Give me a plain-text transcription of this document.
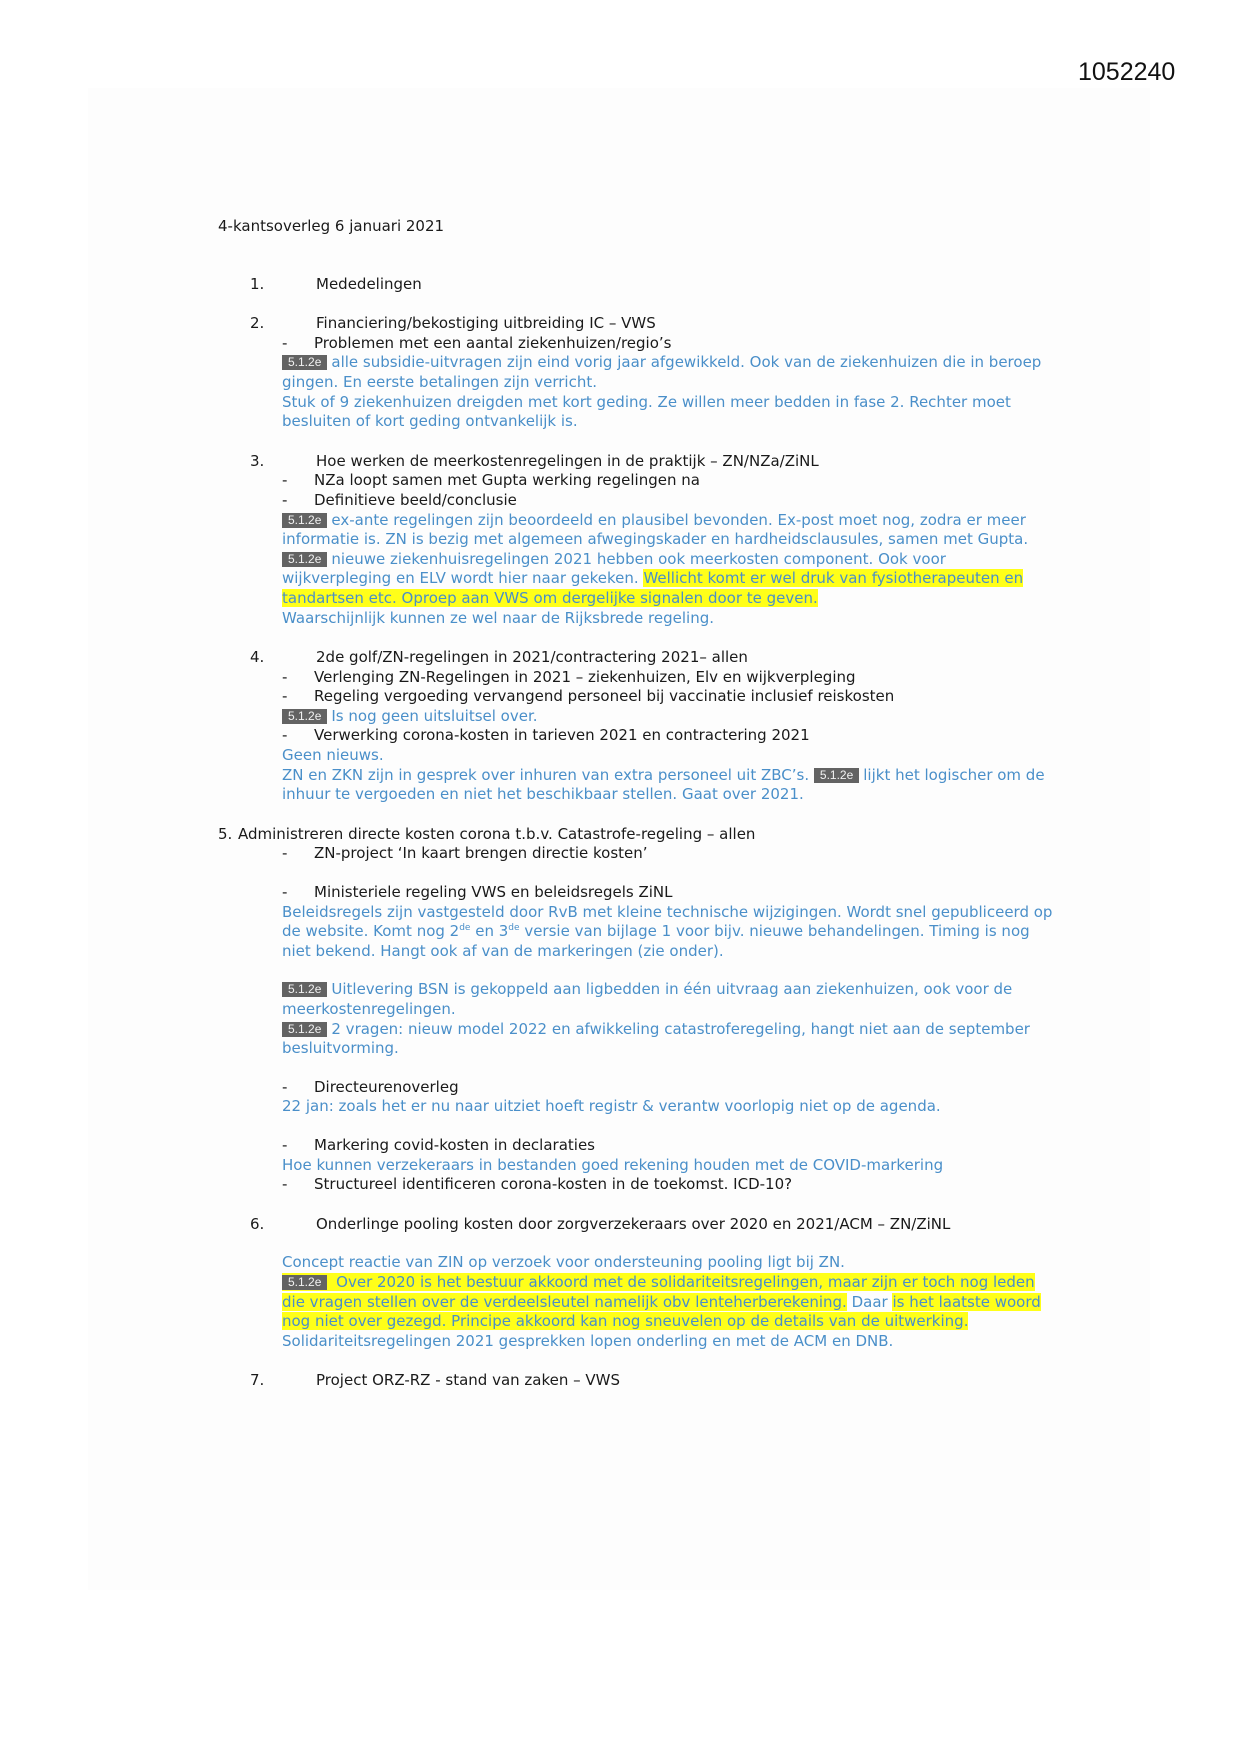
1052240
4-kantsoverleg 6 januari 2021
1.	Mededelingen
2.	Financiering/bekostiging uitbreiding IC – VWS
- Problemen met een aantal ziekenhuizen/regio’s
5.1.2e alle subsidie-uitvragen zijn eind vorig jaar afgewikkeld. Ook van de ziekenhuizen die in beroep gingen. En eerste betalingen zijn verricht.
Stuk of 9 ziekenhuizen dreigden met kort geding. Ze willen meer bedden in fase 2. Rechter moet besluiten of kort geding ontvankelijk is.
3.	Hoe werken de meerkostenregelingen in de praktijk – ZN/NZa/ZiNL
- NZa loopt samen met Gupta werking regelingen na
- Definitieve beeld/conclusie
5.1.2e ex-ante regelingen zijn beoordeeld en plausibel bevonden. Ex-post moet nog, zodra er meer informatie is. ZN is bezig met algemeen afwegingskader en hardheidsclausules, samen met Gupta.
5.1.2e nieuwe ziekenhuisregelingen 2021 hebben ook meerkosten component. Ook voor wijkverpleging en ELV wordt hier naar gekeken. Wellicht komt er wel druk van fysiotherapeuten en tandartsen etc. Oproep aan VWS om dergelijke signalen door te geven.
Waarschijnlijk kunnen ze wel naar de Rijksbrede regeling.
4.	2de golf/ZN-regelingen in 2021/contractering 2021– allen
- Verlenging ZN-Regelingen in 2021 – ziekenhuizen, Elv en wijkverpleging
- Regeling vergoeding vervangend personeel bij vaccinatie inclusief reiskosten
5.1.2e Is nog geen uitsluitsel over.
- Verwerking corona-kosten in tarieven 2021 en contractering 2021
Geen nieuws.
ZN en ZKN zijn in gesprek over inhuren van extra personeel uit ZBC’s. 5.1.2e lijkt het logischer om de inhuur te vergoeden en niet het beschikbaar stellen. Gaat over 2021.
5. Administreren directe kosten corona t.b.v. Catastrofe-regeling – allen
- ZN-project ‘In kaart brengen directie kosten’
- Ministeriele regeling VWS en beleidsregels ZiNL
Beleidsregels zijn vastgesteld door RvB met kleine technische wijzigingen. Wordt snel gepubliceerd op de website. Komt nog 2de en 3de versie van bijlage 1 voor bijv. nieuwe behandelingen. Timing is nog niet bekend. Hangt ook af van de markeringen (zie onder).
5.1.2e Uitlevering BSN is gekoppeld aan ligbedden in één uitvraag aan ziekenhuizen, ook voor de meerkostenregelingen.
5.1.2e 2 vragen: nieuw model 2022 en afwikkeling catastroferegeling, hangt niet aan de september besluitvorming.
- Directeurenoverleg
22 jan: zoals het er nu naar uitziet hoeft registr & verantw voorlopig niet op de agenda.
- Markering covid-kosten in declaraties
Hoe kunnen verzekeraars in bestanden goed rekening houden met de COVID-markering
- Structureel identificeren corona-kosten in de toekomst. ICD-10?
6.	Onderlinge pooling kosten door zorgverzekeraars over 2020 en 2021/ACM – ZN/ZiNL
Concept reactie van ZIN op verzoek voor ondersteuning pooling ligt bij ZN.
5.1.2e Over 2020 is het bestuur akkoord met de solidariteitsregelingen, maar zijn er toch nog leden die vragen stellen over de verdeelsleutel namelijk obv lenteherberekening. Daar is het laatste woord nog niet over gezegd. Principe akkoord kan nog sneuvelen op de details van de uitwerking.
Solidariteitsregelingen 2021 gesprekken lopen onderling en met de ACM en DNB.
7.	Project ORZ-RZ - stand van zaken – VWS
